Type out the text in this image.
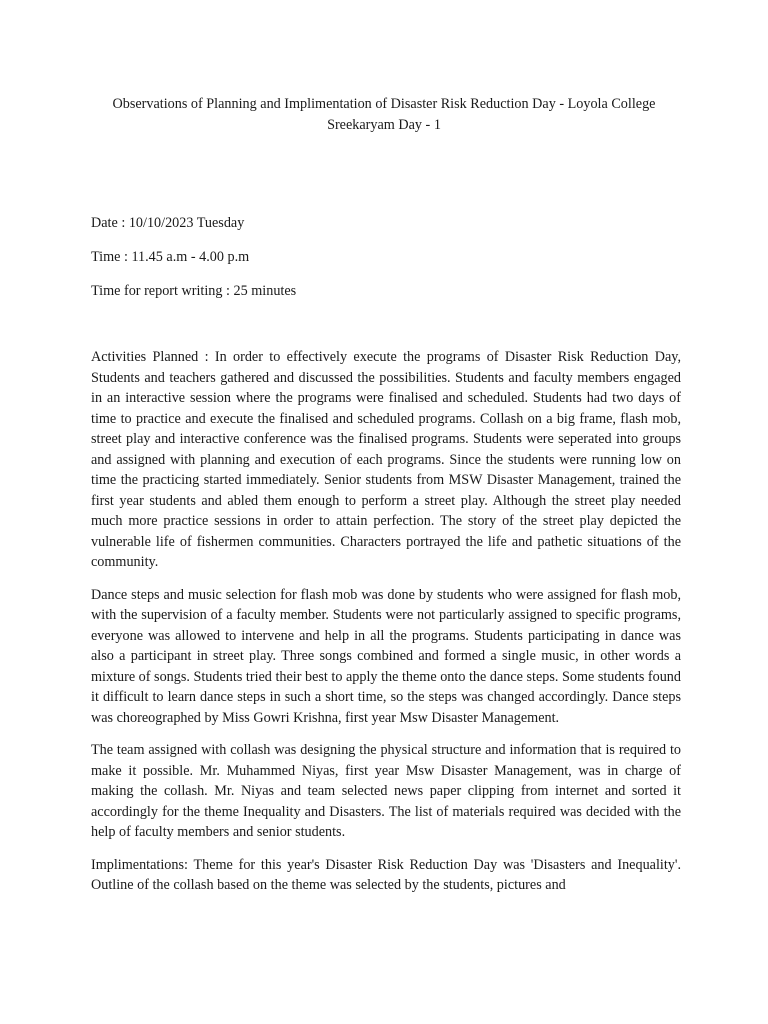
Observations of Planning and Implimentation of Disaster Risk Reduction Day - Loyola College
Sreekaryam Day - 1

Date : 10/10/2023 Tuesday

Time : 11.45 a.m - 4.00 p.m

Time for report writing : 25 minutes

Activities Planned : In order to effectively execute the programs of Disaster Risk Reduction Day, Students and teachers gathered and discussed the possibilities. Students and faculty members engaged in an interactive session where the programs were finalised and scheduled. Students had two days of time to practice and execute the finalised and scheduled programs. Collash on a big frame, flash mob, street play and interactive conference was the finalised programs. Students were seperated into groups and assigned with planning and execution of each programs. Since the students were running low on time the practicing started immediately. Senior students from MSW Disaster Management, trained the first year students and abled them enough to perform a street play. Although the street play needed much more practice sessions in order to attain perfection. The story of the street play depicted the vulnerable life of fishermen communities. Characters portrayed the life and pathetic situations of the community.

Dance steps and music selection for flash mob was done by students who were assigned for flash mob, with the supervision of a faculty member. Students were not particularly assigned to specific programs, everyone was allowed to intervene and help in all the programs. Students participating in dance was also a participant in street play. Three songs combined and formed a single music, in other words a mixture of songs. Students tried their best to apply the theme onto the dance steps. Some students found it difficult to learn dance steps in such a short time, so the steps was changed accordingly. Dance steps was choreographed by Miss Gowri Krishna, first year Msw Disaster Management.

The team assigned with collash was designing the physical structure and information that is required to make it possible. Mr. Muhammed Niyas, first year Msw Disaster Management, was in charge of making the collash. Mr. Niyas and team selected news paper clipping from internet and sorted it accordingly for the theme Inequality and Disasters. The list of materials required was decided with the help of faculty members and senior students.

Implimentations: Theme for this year's Disaster Risk Reduction Day was 'Disasters and Inequality'. Outline of the collash based on the theme was selected by the students, pictures and
